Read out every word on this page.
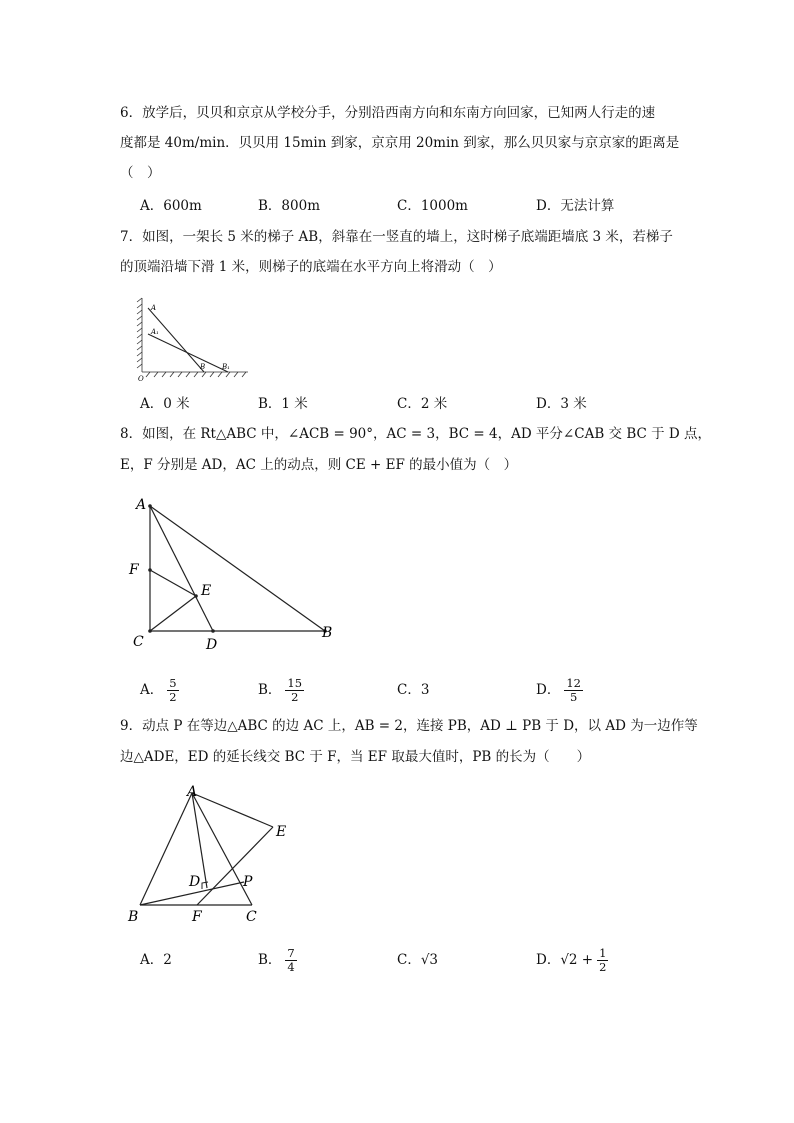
6．放学后，贝贝和京京从学校分手，分别沿西南方向和东南方向回家，已知两人行走的速
度都是 40m/min．贝贝用 15min 到家，京京用 20min 到家，那么贝贝家与京京家的距离是
（　）
A．600m	B．800m	C．1000m	D．无法计算
7．如图，一架长 5 米的梯子 AB，斜靠在一竖直的墙上，这时梯子底端距墙底 3 米，若梯子
的顶端沿墙下滑 1 米，则梯子的底端在水平方向上将滑动（　）
A
A₁
O
B B₁
A．0 米	B．1 米	C．2 米	D．3 米
8．如图，在 Rt△ABC 中，∠ACB = 90°，AC = 3，BC = 4，AD 平分∠CAB 交 BC 于 D 点，
E，F 分别是 AD，AC 上的动点，则 CE + EF 的最小值为（　）
A
F
E
C	D
B
A． $\frac{5}{2}$	B． $\frac{15}{2}$	C．3	D． $\frac{12}{5}$
9．动点 P 在等边△ABC 的边 AC 上，AB = 2，连接 PB，AD ⊥ PB 于 D，以 AD 为一边作等
边△ADE，ED 的延长线交 BC 于 F，当 EF 取最大值时，PB 的长为（　　）
A
E
D	P
B	F	C
A．2	B． $\frac{7}{4}$	C．√3	D．$√2 + \frac{1}{2}$
